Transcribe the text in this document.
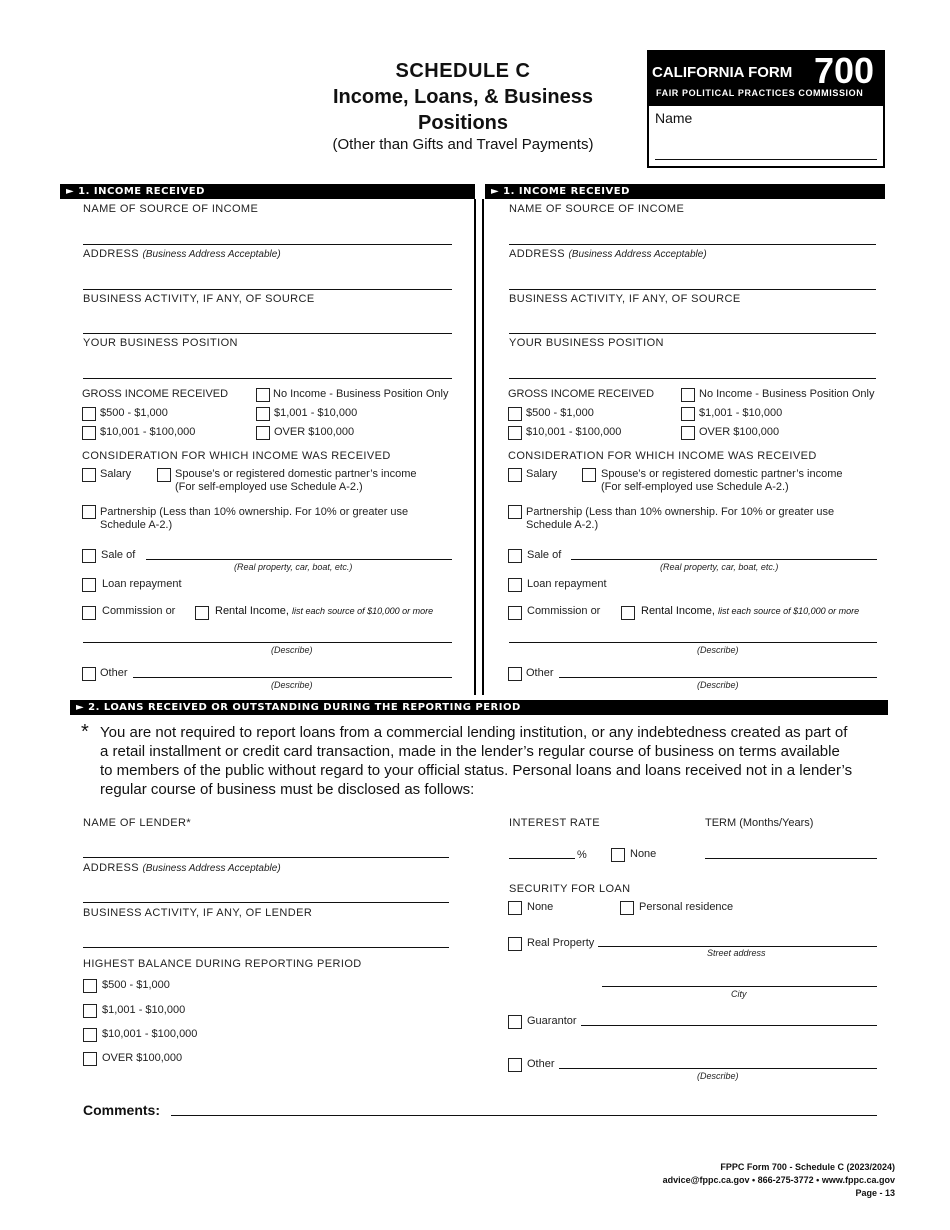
SCHEDULE C
Income, Loans, & Business
Positions
(Other than Gifts and Travel Payments)
CALIFORNIA FORM 700
FAIR POLITICAL PRACTICES COMMISSION
Name
► 1. INCOME RECEIVED	► 1. INCOME RECEIVED
NAME OF SOURCE OF INCOME
ADDRESS (Business Address Acceptable)
BUSINESS ACTIVITY, IF ANY, OF SOURCE
YOUR BUSINESS POSITION
GROSS INCOME RECEIVED	No Income - Business Position Only
$500 - $1,000	$1,001 - $10,000
$10,001 - $100,000	OVER $100,000
CONSIDERATION FOR WHICH INCOME WAS RECEIVED
Salary	Spouse’s or registered domestic partner’s income
(For self-employed use Schedule A-2.)
Partnership (Less than 10% ownership. For 10% or greater use
Schedule A-2.)
Sale of
(Real property, car, boat, etc.)
Loan repayment
Commission or	Rental Income, list each source of $10,000 or more
(Describe)
Other
(Describe)
NAME OF SOURCE OF INCOME
ADDRESS (Business Address Acceptable)
BUSINESS ACTIVITY, IF ANY, OF SOURCE
YOUR BUSINESS POSITION
GROSS INCOME RECEIVED	No Income - Business Position Only
$500 - $1,000	$1,001 - $10,000
$10,001 - $100,000	OVER $100,000
CONSIDERATION FOR WHICH INCOME WAS RECEIVED
Salary	Spouse’s or registered domestic partner’s income
(For self-employed use Schedule A-2.)
Partnership (Less than 10% ownership. For 10% or greater use
Schedule A-2.)
Sale of
(Real property, car, boat, etc.)
Loan repayment
Commission or	Rental Income, list each source of $10,000 or more
(Describe)
Other
(Describe)
► 2. LOANS RECEIVED OR OUTSTANDING DURING THE REPORTING PERIOD
* You are not required to report loans from a commercial lending institution, or any indebtedness created as part of
a retail installment or credit card transaction, made in the lender’s regular course of business on terms available
to members of the public without regard to your official status. Personal loans and loans received not in a lender’s
regular course of business must be disclosed as follows:
NAME OF LENDER*
ADDRESS (Business Address Acceptable)
BUSINESS ACTIVITY, IF ANY, OF LENDER
HIGHEST BALANCE DURING REPORTING PERIOD
$500 - $1,000
$1,001 - $10,000
$10,001 - $100,000
OVER $100,000
INTEREST RATE	TERM (Months/Years)
%	None
SECURITY FOR LOAN
None	Personal residence
Real Property
Street address
City
Guarantor
Other
(Describe)
Comments:
FPPC Form 700 - Schedule C (2023/2024)
advice@fppc.ca.gov • 866-275-3772 • www.fppc.ca.gov
Page - 13
